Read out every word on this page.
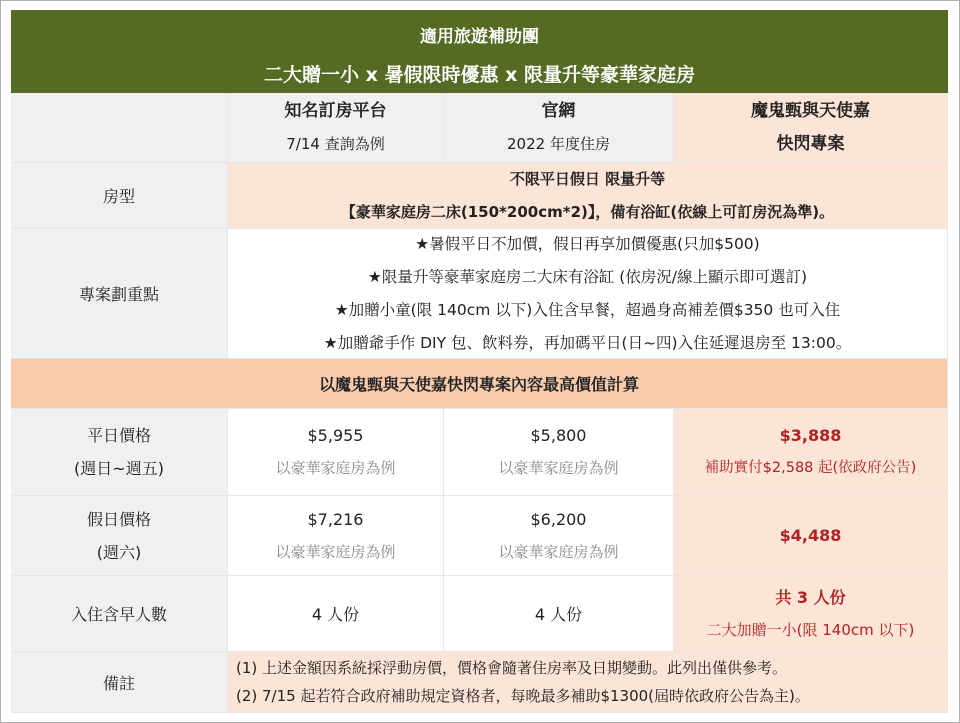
適用旅遊補助團
二大贈一小 x 暑假限時優惠 x 限量升等豪華家庭房
知名訂房平台
7/14 查詢為例
官網
2022 年度住房
魔鬼甄與天使嘉
快閃專案
房型
不限平日假日 限量升等
【豪華家庭房二床(150*200cm*2)】，備有浴缸(依線上可訂房況為準)。
專案劃重點
★暑假平日不加價，假日再享加價優惠(只加$500)
★限量升等豪華家庭房二大床有浴缸 (依房況/線上顯示即可選訂)
★加贈小童(限 140cm 以下)入住含早餐，超過身高補差價$350 也可入住
★加贈爺手作 DIY 包、飲料券，再加碼平日(日~四)入住延遲退房至 13:00。
以魔鬼甄與天使嘉快閃專案內容最高價值計算
平日價格
(週日~週五)
$5,955
以豪華家庭房為例
$5,800
以豪華家庭房為例
$3,888
補助實付$2,588 起(依政府公告)
假日價格
(週六)
$7,216
以豪華家庭房為例
$6,200
以豪華家庭房為例
$4,488
入住含早人數	4 人份	4 人份
共 3 人份
二大加贈一小(限 140cm 以下)
備註
(1) 上述金額因系統採浮動房價，價格會隨著住房率及日期變動。此列出僅供參考。
(2) 7/15 起若符合政府補助規定資格者，每晚最多補助$1300(屆時依政府公告為主)。
